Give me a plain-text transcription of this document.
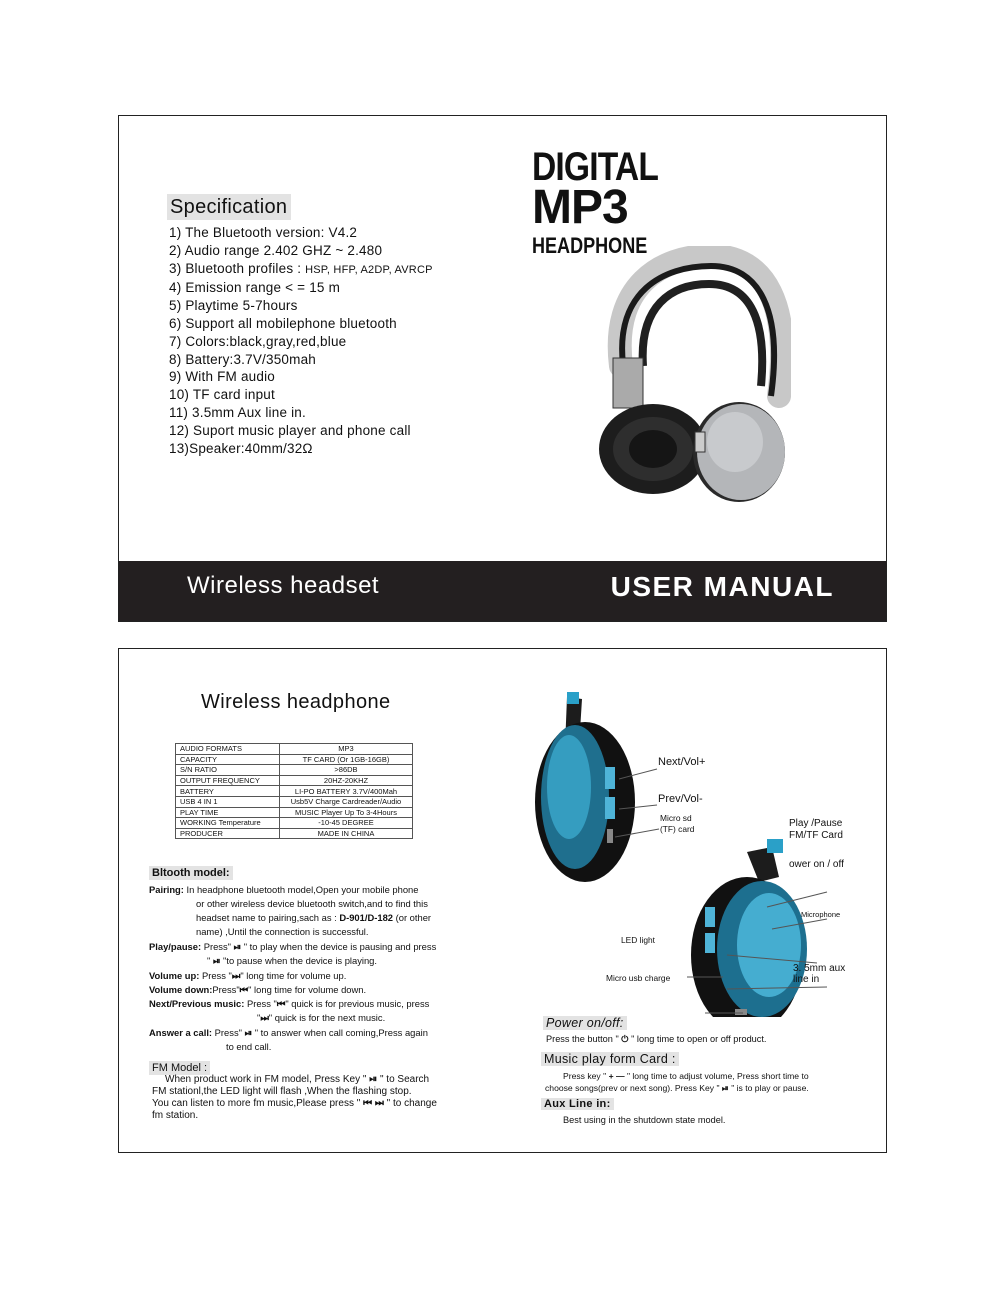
Specification
1) The Bluetooth version: V4.2
2) Audio range 2.402 GHZ ~ 2.480
3) Bluetooth profiles : HSP, HFP, A2DP, AVRCP
4) Emission range < = 15 m
5) Playtime 5-7hours
6) Support all mobilephone bluetooth
7) Colors:black,gray,red,blue
8) Battery:3.7V/350mah
9) With FM audio
10) TF card input
11) 3.5mm Aux line in.
12) Suport music player and phone call
13)Speaker:40mm/32Ω
DIGITAL
MP3
HEADPHONE
Wireless headset	USER MANUAL
Wireless headphone
AUDIO FORMATS	MP3
CAPACITY	TF CARD (Or 1GB-16GB)
S/N RATIO	>86DB
OUTPUT FREQUENCY	20HZ-20KHZ
BATTERY	LI-PO BATTERY 3.7V/400Mah
USB 4 IN 1	Usb5V Charge Cardreader/Audio
PLAY TIME	MUSIC Player Up To 3-4Hours
WORKING Temperature	-10-45 DEGREE
PRODUCER	MADE IN CHINA
Bltooth model:
Pairing: In headphone bluetooth model,Open your mobile phone
or other wireless device bluetooth switch,and to find this
headset name to pairing,sach as : D-901/D-182 (or other
name) ,Until the connection is successful.
Play/pause: Press" ⏯ " to play when the device is pausing and press
" ⏯ "to pause when the device is playing.
Volume up: Press "⏭" long time for volume up.
Volume down:Press"⏮" long time for volume down.
Next/Previous music: Press "⏮" quick is for previous music, press
"⏭" quick is for the next music.
Answer a call: Press" ⏯ " to answer when call coming,Press again
to end call.
FM Model :
When product work in FM model, Press Key " ⏯ " to Search
FM stationl,the LED light will flash ,When the flashing stop.
You can listen to more fm music,Please press " ⏮ ⏭ " to change
fm station.
Next/Vol+
Prev/Vol-
Micro sd
(TF) card	Play /Pause
FM/TF Card
ower on / off
Microphone
LED light
3. 5mm aux
line in
Micro usb charge
Power on/off:
Press the button " ⏻ " long time to open or off product.
Music play form Card :
Press key " + — " long time to adjust volume, Press short time to
choose songs(prev or next song). Press Key " ⏯ " is to play or pause.
Aux Line in:
Best using in the shutdown state model.
